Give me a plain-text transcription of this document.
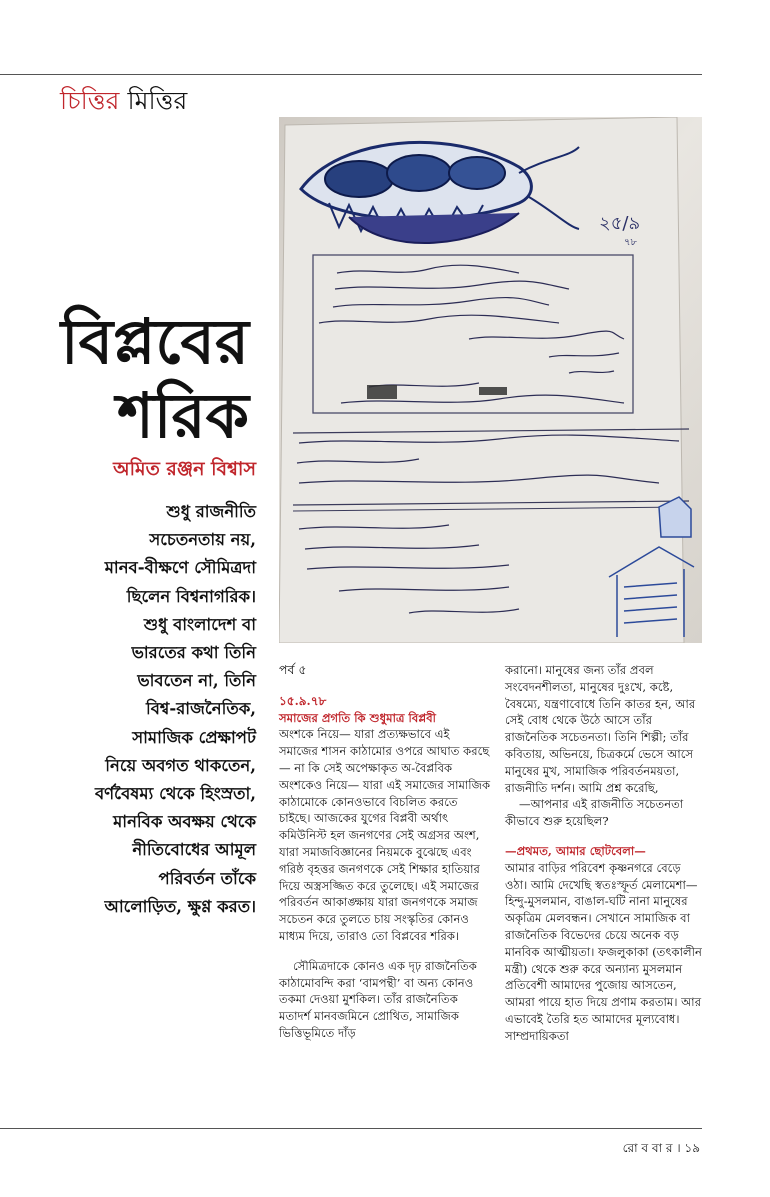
চিত্তির মিত্তির
বিপ্লবের
শরিক
অমিত রঞ্জন বিশ্বাস

শুধু রাজনীতি

সচেতনতায় নয়,

মানব-বীক্ষণে সৌমিত্রদা

ছিলেন বিশ্বনাগরিক।

শুধু বাংলাদেশ বা

ভারতের কথা তিনি

ভাবতেন না, তিনি

বিশ্ব-রাজনৈতিক,

সামাজিক প্রেক্ষাপট

নিয়ে অবগত থাকতেন,

বর্ণবৈষম্য থেকে হিংস্রতা,

মানবিক অবক্ষয় থেকে

নীতিবোধের আমূল

পরিবর্তন তাঁকে

আলোড়িত, ক্ষুণ্ণ করত।

২৫/৯
৭৮

পর্ব ৫

১৫.৯.৭৮

সমাজের প্রগতি কি শুধুমাত্র বিপ্লবী

অংশকে নিয়ে— যারা প্রত্যক্ষভাবে এই সমাজের শাসন কাঠামোর ওপরে আঘাত করছে— না কি সেই অপেক্ষাকৃত অ-বৈপ্লবিক অংশকেও নিয়ে— যারা এই সমাজের সামাজিক কাঠামোকে কোনওভাবে বিচলিত করতে চাইছে। আজকের যুগের বিপ্লবী অর্থাৎ কমিউনিস্ট হল জনগণের সেই অগ্রসর অংশ, যারা সমাজবিজ্ঞানের নিয়মকে বুঝেছে এবং গরিষ্ঠ বৃহত্তর জনগণকে সেই শিক্ষার হাতিয়ার দিয়ে অস্ত্রসজ্জিত করে তুলেছে। এই সমাজের পরিবর্তন আকাঙ্ক্ষায় যারা জনগণকে সমাজ সচেতন করে তুলতে চায় সংস্কৃতির কোনও মাধ্যম দিয়ে, তারাও তো বিপ্লবের শরিক।

সৌমিত্রদাকে কোনও এক দৃঢ় রাজনৈতিক কাঠামোবন্দি করা ‘বামপন্থী’ বা অন্য কোনও তকমা দেওয়া মুশকিল। তাঁর রাজনৈতিক মতাদর্শ মানবজমিনে প্রোথিত, সামাজিক ভিত্তিভূমিতে দাঁড়

করানো। মানুষের জন্য তাঁর প্রবল সংবেদনশীলতা, মানুষের দুঃখে, কষ্টে, বৈষম্যে, যন্ত্রণাবোধে তিনি কাতর হন, আর সেই বোধ থেকে উঠে আসে তাঁর রাজনৈতিক সচেতনতা। তিনি শিল্পী; তাঁর কবিতায়, অভিনয়ে, চিত্রকর্মে ভেসে আসে মানুষের মুখ, সামাজিক পরিবর্তনময়তা, রাজনীতি দর্শন। আমি প্রশ্ন করেছি,

—আপনার এই রাজনীতি সচেতনতা কীভাবে শুরু হয়েছিল?

—প্রথমত, আমার ছোটবেলা—

আমার বাড়ির পরিবেশ কৃষ্ণনগরে বেড়ে ওঠা। আমি দেখেছি স্বতঃস্ফূর্ত মেলামেশা— হিন্দু-মুসলমান, বাঙাল-ঘটি নানা মানুষের অকৃত্রিম মেলবন্ধন। সেখানে সামাজিক বা রাজনৈতিক বিভেদের চেয়ে অনেক বড় মানবিক আত্মীয়তা। ফজলুকাকা (তৎকালীন মন্ত্রী) থেকে শুরু করে অন্যান্য মুসলমান প্রতিবেশী আমাদের পুজোয় আসতেন, আমরা পায়ে হাত দিয়ে প্রণাম করতাম। আর এভাবেই তৈরি হত আমাদের মূল্যবোধ। সাম্প্রদায়িকতা

রো ব বা র । ১৯
